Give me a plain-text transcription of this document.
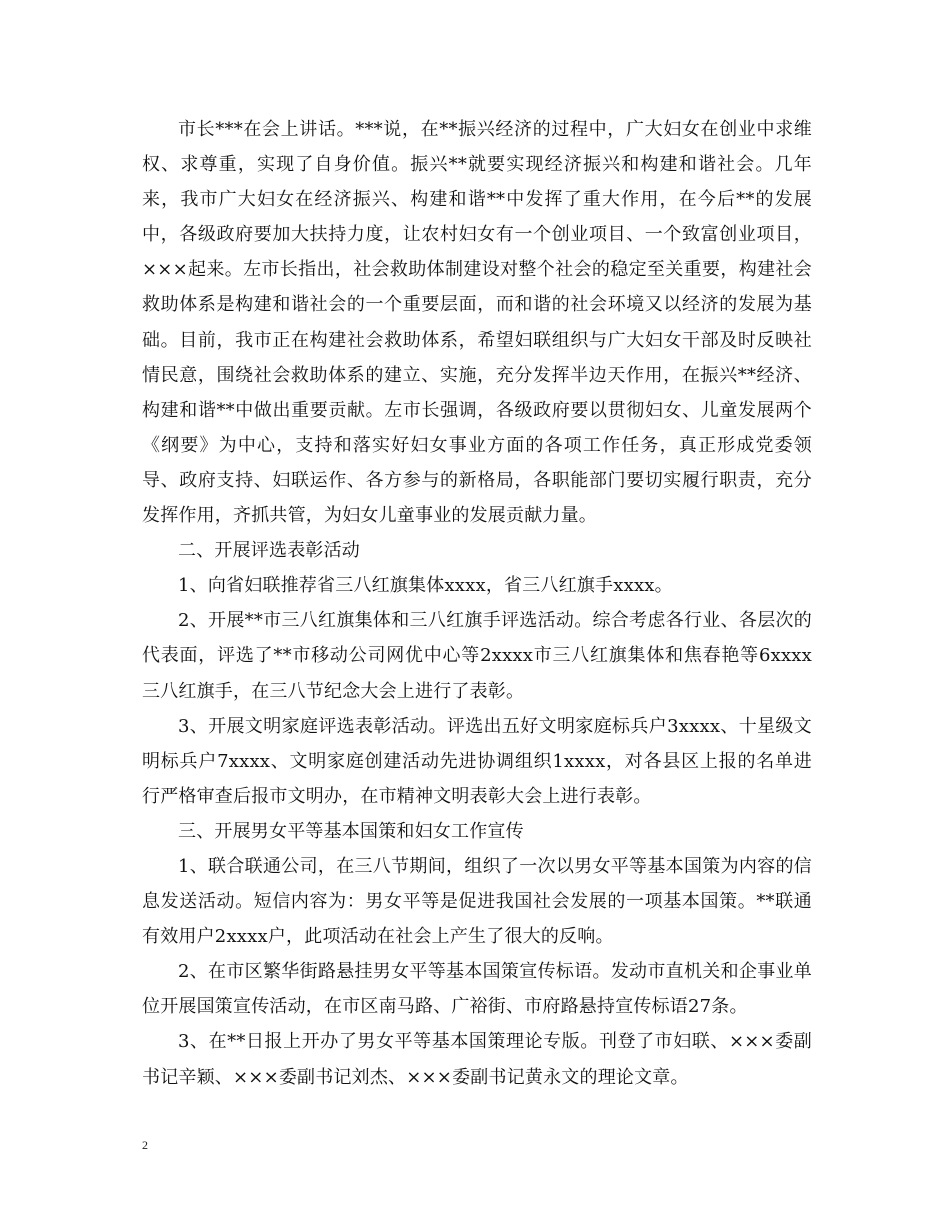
市长***在会上讲话。***说，在**振兴经济的过程中，广大妇女在创业中求维权、求尊重，实现了自身价值。振兴**就要实现经济振兴和构建和谐社会。几年来，我市广大妇女在经济振兴、构建和谐**中发挥了重大作用，在今后**的发展中，各级政府要加大扶持力度，让农村妇女有一个创业项目、一个致富创业项目，×××起来。左市长指出，社会救助体制建设对整个社会的稳定至关重要，构建社会救助体系是构建和谐社会的一个重要层面，而和谐的社会环境又以经济的发展为基础。目前，我市正在构建社会救助体系，希望妇联组织与广大妇女干部及时反映社情民意，围绕社会救助体系的建立、实施，充分发挥半边天作用，在振兴**经济、构建和谐**中做出重要贡献。左市长强调，各级政府要以贯彻妇女、儿童发展两个《纲要》为中心，支持和落实好妇女事业方面的各项工作任务，真正形成党委领导、政府支持、妇联运作、各方参与的新格局，各职能部门要切实履行职责，充分发挥作用，齐抓共管，为妇女儿童事业的发展贡献力量。

二、开展评选表彰活动

1、向省妇联推荐省三八红旗集体xxxx，省三八红旗手xxxx。

2、开展**市三八红旗集体和三八红旗手评选活动。综合考虑各行业、各层次的代表面，评选了**市移动公司网优中心等2xxxx市三八红旗集体和焦春艳等6xxxx三八红旗手，在三八节纪念大会上进行了表彰。

3、开展文明家庭评选表彰活动。评选出五好文明家庭标兵户3xxxx、十星级文明标兵户7xxxx、文明家庭创建活动先进协调组织1xxxx，对各县区上报的名单进行严格审查后报市文明办，在市精神文明表彰大会上进行表彰。

三、开展男女平等基本国策和妇女工作宣传

1、联合联通公司，在三八节期间，组织了一次以男女平等基本国策为内容的信息发送活动。短信内容为：男女平等是促进我国社会发展的一项基本国策。**联通有效用户2xxxx户，此项活动在社会上产生了很大的反响。

2、在市区繁华街路悬挂男女平等基本国策宣传标语。发动市直机关和企事业单位开展国策宣传活动，在市区南马路、广裕街、市府路悬持宣传标语27条。

3、在**日报上开办了男女平等基本国策理论专版。刊登了市妇联、×××委副书记辛颖、×××委副书记刘杰、×××委副书记黄永文的理论文章。

2
